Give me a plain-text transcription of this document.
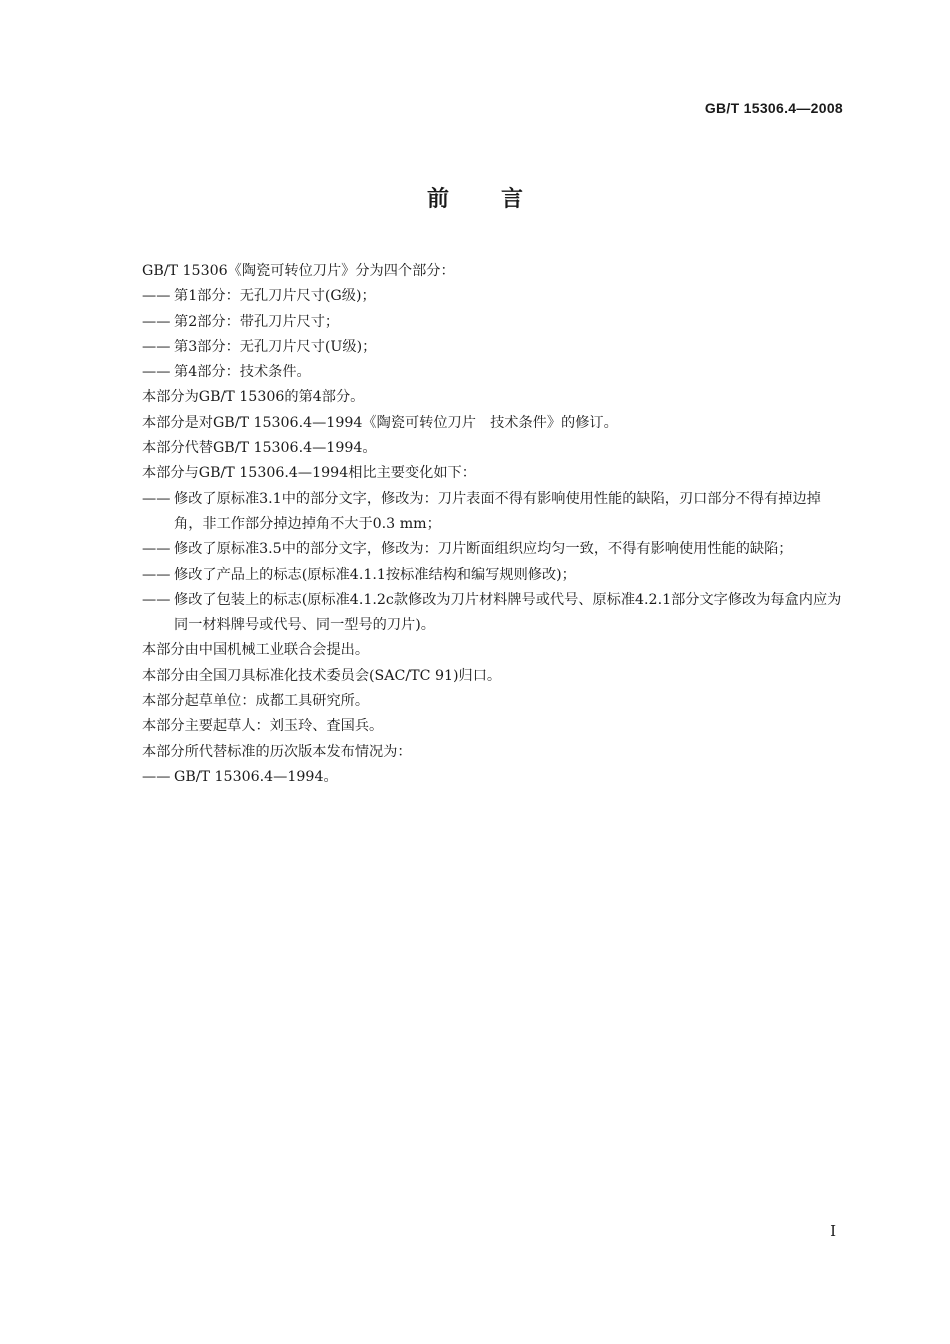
GB/T 15306.4—2008
前言
GB/T 15306《陶瓷可转位刀片》分为四个部分：
—— 第1部分：无孔刀片尺寸(G级)；
—— 第2部分：带孔刀片尺寸；
—— 第3部分：无孔刀片尺寸(U级)；
—— 第4部分：技术条件。
本部分为GB/T 15306的第4部分。
本部分是对GB/T 15306.4—1994《陶瓷可转位刀片　技术条件》的修订。
本部分代替GB/T 15306.4—1994。
本部分与GB/T 15306.4—1994相比主要变化如下：
—— 修改了原标准3.1中的部分文字，修改为：刀片表面不得有影响使用性能的缺陷，刃口部分不得有掉边掉角，非工作部分掉边掉角不大于0.3 mm；
—— 修改了原标准3.5中的部分文字，修改为：刀片断面组织应均匀一致，不得有影响使用性能的缺陷；
—— 修改了产品上的标志(原标准4.1.1按标准结构和编写规则修改)；
—— 修改了包装上的标志(原标准4.1.2c款修改为刀片材料牌号或代号、原标准4.2.1部分文字修改为每盒内应为同一材料牌号或代号、同一型号的刀片)。
本部分由中国机械工业联合会提出。
本部分由全国刀具标准化技术委员会(SAC/TC 91)归口。
本部分起草单位：成都工具研究所。
本部分主要起草人：刘玉玲、査国兵。
本部分所代替标准的历次版本发布情况为：
—— GB/T 15306.4—1994。
I
